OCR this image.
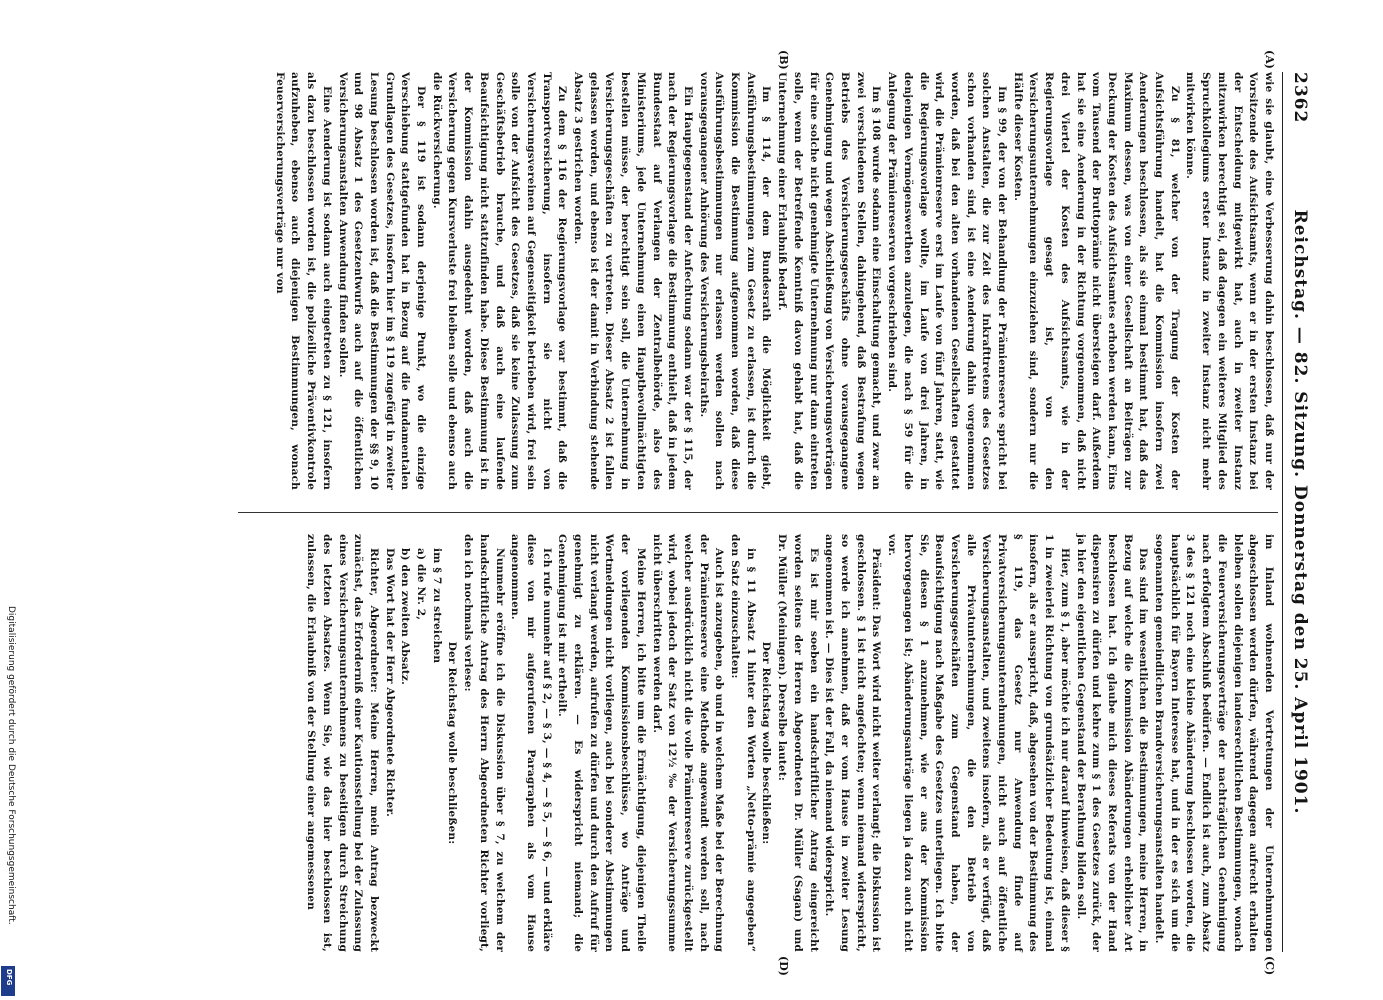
2362
Reichstag. — 82. Sitzung. Donnerstag den 25. April 1901.
(A)
(B)
(C)
(D)

wie sie glaubt, eine Verbesserung dahin beschlossen, daß nur der Vorsitzende des Aufsichtsamts, wenn er in der ersten Instanz bei der Entscheidung mitgewirkt hat, auch in zweiter Instanz mitzuwirken berechtigt sei, daß dagegen ein weiteres Mitglied des Spruchkollegiums erster Instanz in zweiter Instanz nicht mehr mitwirken könne.

Zu § 81, welcher von der Tragung der Kosten der Aufsichtsführung handelt, hat die Kommission insofern zwei Aenderungen beschlossen, als sie einmal bestimmt hat, daß das Maximum dessen, was von einer Gesellschaft an Beiträgen zur Deckung der Kosten des Aufsichtsamtes erhoben werden kann, Eins vom Tausend der Bruttoprämie nicht übersteigen darf. Außerdem hat sie eine Aenderung in der Richtung vorgenommen, daß nicht drei Viertel der Kosten des Aufsichtsamts, wie in der Regierungsvorlage gesagt ist, von den Versicherungsunternehmungen einzuziehen sind, sondern nur die Hälfte dieser Kosten.

Im § 99, der von der Behandlung der Prämienreserve spricht bei solchen Anstalten, die zur Zeit des Inkrafttretens des Gesetzes schon vorhanden sind, ist eine Aenderung dahin vorgenommen worden, daß bei den alten vorhandenen Gesellschaften gestattet wird, die Prämienreserve erst im Laufe von fünf Jahren, statt, wie die Regierungsvorlage wollte, im Laufe von drei Jahren, in denjenigen Vermögenswerthen anzulegen, die nach § 59 für die Anlegung der Prämienreserven vorgeschrieben sind.

Im § 108 wurde sodann eine Einschaltung gemacht, und zwar an zwei verschiedenen Stellen, dahingehend, daß Bestrafung wegen Betriebs des Versicherungsgeschäfts ohne vorausgegangene Genehmigung und wegen Abschließung von Versicherungsverträgen für eine solche nicht genehmigte Unternehmung nur dann eintreten solle, wenn der Betreffende Kenntniß davon gehabt hat, daß die Unternehmung einer Erlaubniß bedarf.

Im § 114, der dem Bundesrath die Möglichkeit giebt, Ausführungsbestimmungen zum Gesetz zu erlassen, ist durch die Kommission die Bestimmung aufgenommen worden, daß diese Ausführungsbestimmungen nur erlassen werden sollen nach vorausgegangener Anhörung des Versicherungsbeiraths.

Ein Hauptgegenstand der Anfechtung sodann war der § 115, der nach der Regierungsvorlage die Bestimmung enthielt, daß in jedem Bundesstaat auf Verlangen der Zentralbehörde, also des Ministeriums, jede Unternehmung einen Hauptbevollmächtigten bestellen müsse, der berechtigt sein soll, die Unternehmung in Versicherungsgeschäften zu vertreten. Dieser Absatz 2 ist fallen gelassen worden, und ebenso ist der damit in Verbindung stehende Absatz 3 gestrichen worden.

Zu dem § 116 der Regierungsvorlage war bestimmt, daß die Transportversicherung, insofern sie nicht von Versicherungsvereinen auf Gegenseitigkeit betrieben wird, frei sein solle von der Aufsicht des Gesetzes, daß sie keine Zulassung zum Geschäftsbetrieb brauche, und daß auch eine laufende Beaufsichtigung nicht stattzufinden habe. Diese Bestimmung ist in der Kommission dahin ausgedehnt worden, daß auch die Versicherung gegen Kursverluste frei bleiben solle und ebenso auch die Rückversicherung.

Der § 119 ist sodann derjenige Punkt, wo die einzige Verschiebung stattgefunden hat in Bezug auf die fundamentalen Grundlagen des Gesetzes, insofern hier im § 119 zugefügt in zweiter Lesung beschlossen worden ist, daß die Bestimmungen der §§ 9, 10 und 98 Absatz 1 des Gesetzentwurfs auch auf die öffentlichen Versicherungsanstalten Anwendung finden sollen.

Eine Aenderung ist sodann auch eingetreten zu § 121, insofern als dazu beschlossen worden ist, die polizeiliche Präventivkontrole aufzuheben, ebenso auch diejenigen Bestimmungen, wonach Feuerversicherungsverträge nur von

im Inland wohnenden Vertretungen der Unternehmungen abgeschlossen werden dürfen, während dagegen aufrecht erhalten bleiben sollen diejenigen landesrechtlichen Bestimmungen, wonach die Feuerversicherungsverträge der nachträglichen Genehmigung nach erfolgtem Abschluß bedürfen. — Endlich ist auch, zum Absatz 3 des § 121 noch eine kleine Abänderung beschlossen worden, die hauptsächlich für Bayern Interesse hat, und in der es sich um die sogenannten gemeindlichen Brandversicherungsanstalten handelt.

Das sind im wesentlichen die Bestimmungen, meine Herren, in Bezug auf welche die Kommission Abänderungen erheblicher Art beschlossen hat. Ich glaube mich dieses Referats von der Hand dispensiren zu dürfen und kehre zum § 1 des Gesetzes zurück, der ja hier den eigentlichen Gegenstand der Berathung bilden soll.

Hier, zum § 1, aber möchte ich nur darauf hinweisen, daß dieser § 1 in zweierlei Richtung von grundsätzlicher Bedeutung ist, einmal insofern, als er ausspricht, daß, abgesehen von der Bestimmung des § 119, das Gesetz nur Anwendung finde auf Privatversicherungsunternehmungen, nicht auch auf öffentliche Versicherungsanstalten, und zweitens insofern, als er verfügt, daß alle Privatunternehmungen, die den Betrieb von Versicherungsgeschäften zum Gegenstand haben, der Beaufsichtigung nach Maßgabe des Gesetzes unterliegen. Ich bitte Sie, diesen § 1 anzunehmen, wie er aus der Kommission hervorgegangen ist; Abänderungsanträge liegen ja dazu auch nicht vor.

Präsident: Das Wort wird nicht weiter verlangt; die Diskussion ist geschlossen. § 1 ist nicht angefochten; wenn niemand widerspricht, so werde ich annehmen, daß er vom Hause in zweiter Lesung angenommen ist. — Dies ist der Fall, da niemand widerspricht.

Es ist mir soeben ein handschriftlicher Antrag eingereicht worden seitens der Herren Abgeordneten Dr. Müller (Sagan) und Dr. Müller (Meiningen). Derselbe lautet:

Der Reichstag wolle beschließen:

in § 11 Absatz 1 hinter den Worten „Netto-prämie angegeben“ den Satz einzuschalten:

Auch ist anzugeben, ob und in welchem Maße bei der Berechnung der Prämienreserve eine Methode angewandt werden soll, nach welcher ausdrücklich nicht die volle Prämienreserve zurückgestellt wird, wobei jedoch der Satz von 12½ ‰ der Versicherungssumme nicht überschritten werden darf.

Meine Herren, ich bitte um die Ermächtigung, diejenigen Theile der vorliegenden Kommissionsbeschlüsse, wo Anträge und Wortmeldungen nicht vorliegen, auch bei sonderer Abstimmungen nicht verlangt werden, aufrufen zu dürfen und durch den Aufruf für genehmigt zu erklären. — Es widerspricht niemand; die Genehmigung ist mir ertheilt.

Ich rufe nunmehr auf § 2, — § 3, — § 4, — § 5, — § 6, — und erkläre diese von mir aufgerufenen Paragraphen als vom Hause angenommen.

Nunmehr eröffne ich die Diskussion über § 7, zu welchem der handschriftliche Antrag des Herrn Abgeordneten Richter vorliegt, den ich nochmals verlese:

Der Reichstag wolle beschließen:

im § 7 zu streichen

a) die Nr. 2,

b) den zweiten Absatz.

Das Wort hat der Herr Abgeordnete Richter.

Richter, Abgeordneter: Meine Herren, mein Antrag bezweckt zunächst, das Erforderniß einer Kautionsstellung bei der Zulassung eines Versicherungsunternehmens zu beseitigen durch Streichung des letzten Absatzes. Wenn Sie, wie das hier beschlossen ist, zulassen, die Erlaubniß von der Stellung einer angemessenen

Digitalisierung gefördert durch die Deutsche Forschungsgemeinschaft.
DFG
